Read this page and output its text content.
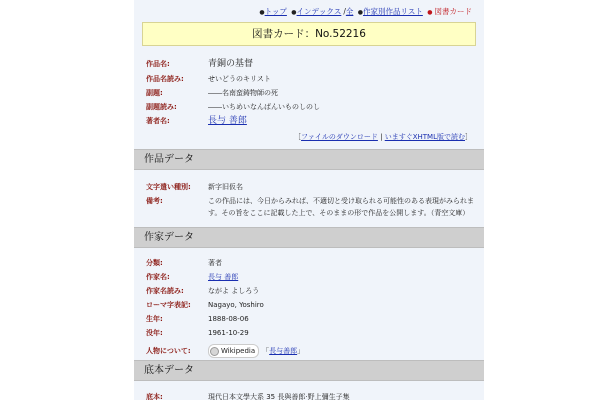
●トップ ●インデックス /全 ●作家別作品リスト ● 図書カード
図書カード：No.52216
作品名:	青銅の基督
作品名読み:	せいどうのキリスト
副題:	――名南蛮鋳物師の死
副題読み:	――いちめいなんばんいものしのし
著者名:	長与 善郎
［ファイルのダウンロード | いますぐXHTML版で読む］
作品データ
文字遣い種別: 新字旧仮名
備考:	この作品には、今日からみれば、不適切と受け取られる可能性のある表現がみられます。その旨をここに記載した上で、そのままの形で作品を公開します。（青空文庫）
作家データ
分類:	著者
作家名:	長与 善郎
作家名読み:	ながよ よしろう
ローマ字表記: Nagayo, Yoshiro
生年:	1888-08-06
没年:	1961-10-29
人物について:	Wikipedia 「長与善郎」
底本データ
底本:	現代日本文學大系 35 長與善郎·野上彌生子集
